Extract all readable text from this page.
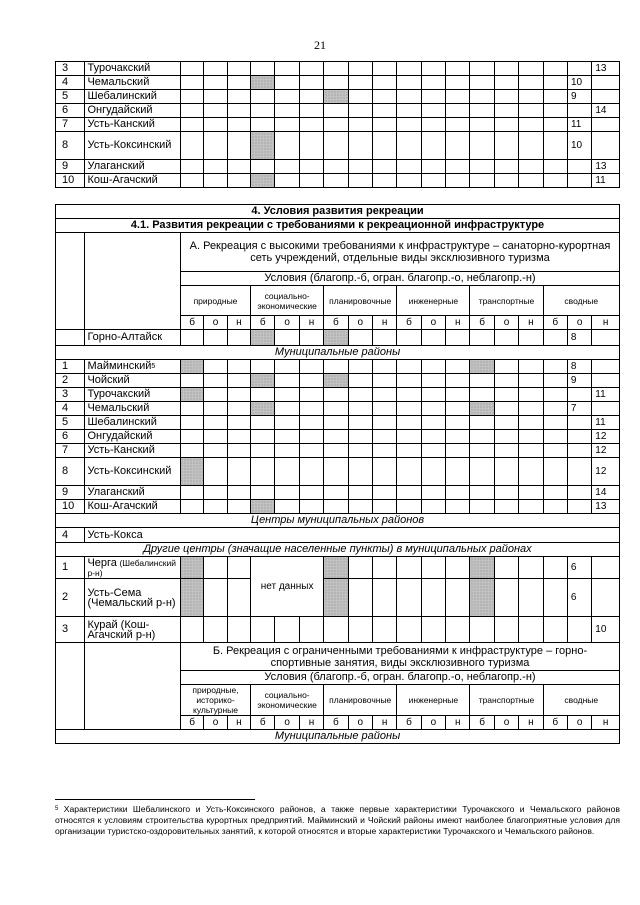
21
3	Турочакский																		13
4	Чемальский																	10	
5	Шебалинский																	9	
6	Онгудайский																		14
7	Усть-Канский																	11	
8	Усть-Коксинский																	10	
9	Улаганский																		13
10	Кош-Агачский																		11
4. Условия развития рекреации																			
4.1. Развития рекреации с требованиями к рекреационной инфраструктуре																			
		А. Рекреация с высокими требованиями к инфраструктуре – санаторно-курортная сеть учреждений, отдельные виды эксклюзивного туризма																	
		Условия (благопр.-б, огран. благопр.-о, неблагопр.-н)																	
		природные			социально-экономические			планировочные			инженерные			транспортные			сводные		
		б	о	н	б	о	н	б	о	н	б	о	н	б	о	н	б	о	н

	Горно-Алтайск																	8	
Муниципальные районы																			
1	Майминский$^5$																	8	
2	Чойский																	9	
3	Турочакский																		11
4	Чемальский																	7	
5	Шебалинский																		11
6	Онгудайский																		12
7	Усть-Канский																		12
8	Усть-Коксинский																		12
9	Улаганский																		14
10	Кош-Агачский																		13
Центры муниципальных районов																			
4	Усть-Кокса																		
Другие центры (значащие населенные пункты) в муниципальных районах																			
1	Черга (Шебалинский р-н)				нет данных													6	
2	Усть-Сема (Чемальский р-н)																	6	
3	Курай (Кош-Агачский р-н)																		10
		Б. Рекреация с ограниченными требованиями к инфраструктуре – горно-спортивные занятия, виды эксклюзивного туризма																	
		Условия (благопр.-б, огран. благопр.-о, неблагопр.-н)																	
		природные, историко-культурные			социально-экономические			планировочные			инженерные			транспортные			сводные		
		б	о	н	б	о	н	б	о	н	б	о	н	б	о	н	б	о	н
Муниципальные районы																			
$^5$ Характеристики Шебалинского и Усть-Коксинского районов, а также первые характеристики Турочакского и Чемальского районов относятся к условиям строительства курортных предприятий. Майминский и Чойский районы имеют наиболее благоприятные условия для организации туристско-оздоровительных занятий, к которой относятся и вторые характеристики Турочакского и Чемальского районов.
